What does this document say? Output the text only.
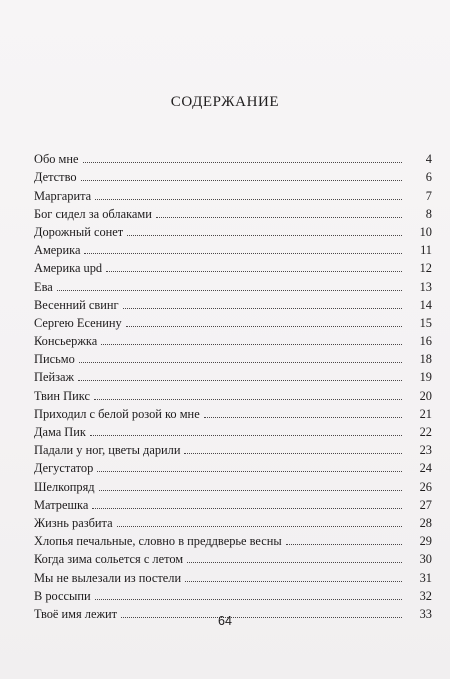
СОДЕРЖАНИЕ
Обо мне	4
Детство	6
Маргарита	7
Бог сидел за облаками	8
Дорожный сонет	10
Америка	11
Америка upd	12
Ева	13
Весенний свинг	14
Сергею Есенину	15
Консьержка	16
Письмо	18
Пейзаж	19
Твин Пикс	20
Приходил с белой розой ко мне	21
Дама Пик	22
Падали у ног, цветы дарили	23
Дегустатор	24
Шелкопряд	26
Матрешка	27
Жизнь разбита	28
Хлопья печальные, словно в преддверье весны	29
Когда зима сольется с летом	30
Мы не вылезали из постели	31
В россыпи	32
Твоё имя лежит	33
64
